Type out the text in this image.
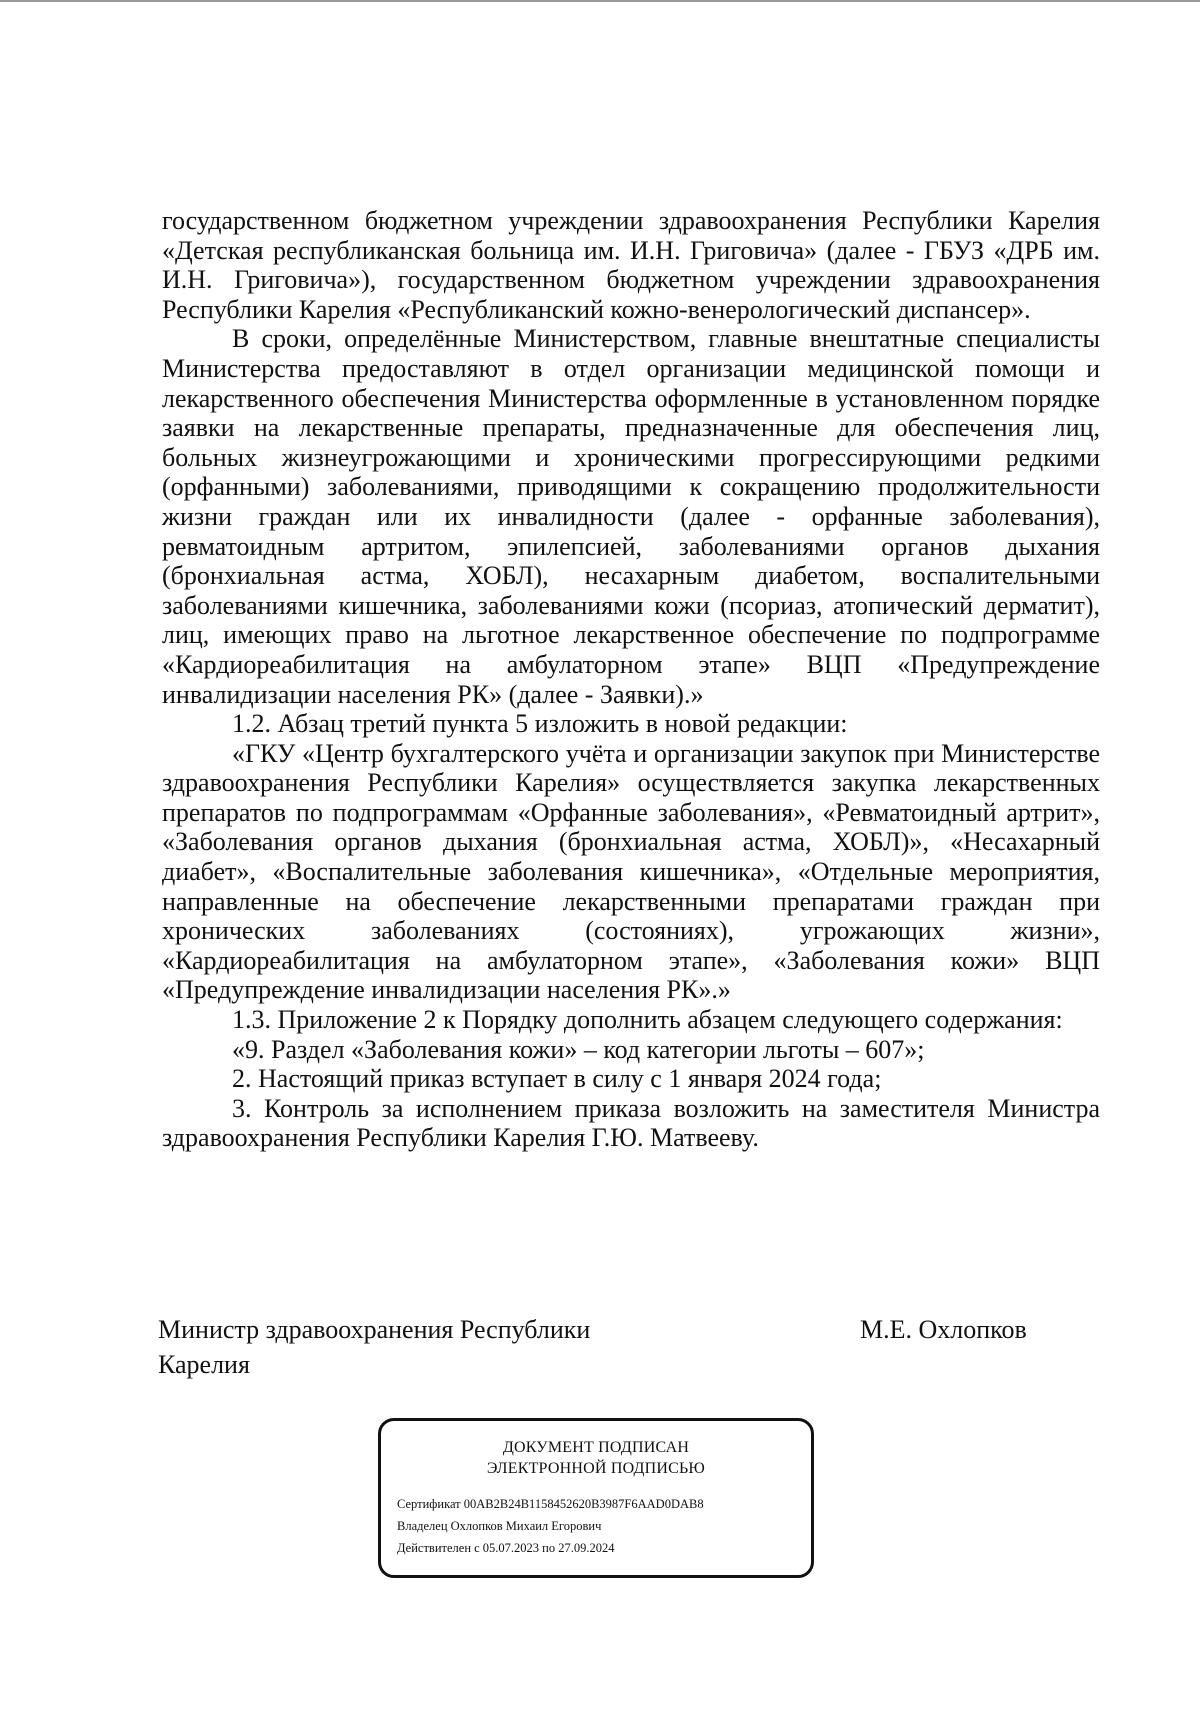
государственном бюджетном учреждении здравоохранения Республики Карелия «Детская республиканская больница им. И.Н. Григовича» (далее - ГБУЗ «ДРБ им. И.Н. Григовича»), государственном бюджетном учреждении здравоохранения Республики Карелия «Республиканский кожно-венерологический диспансер».

В сроки, определённые Министерством, главные внештатные специалисты Министерства предоставляют в отдел организации медицинской помощи и лекарственного обеспечения Министерства оформленные в установленном порядке заявки на лекарственные препараты, предназначенные для обеспечения лиц, больных жизнеугрожающими и хроническими прогрессирующими редкими (орфанными) заболеваниями, приводящими к сокращению продолжительности жизни граждан или их инвалидности (далее - орфанные заболевания), ревматоидным артритом, эпилепсией, заболеваниями органов дыхания (бронхиальная астма, ХОБЛ), несахарным диабетом, воспалительными заболеваниями кишечника, заболеваниями кожи (псориаз, атопический дерматит), лиц, имеющих право на льготное лекарственное обеспечение по подпрограмме «Кардиореабилитация на амбулаторном этапе» ВЦП «Предупреждение инвалидизации населения РК» (далее - Заявки).»

1.2. Абзац третий пункта 5 изложить в новой редакции:

«ГКУ «Центр бухгалтерского учёта и организации закупок при Министерстве здравоохранения Республики Карелия» осуществляется закупка лекарственных препаратов по подпрограммам «Орфанные заболевания», «Ревматоидный артрит», «Заболевания органов дыхания (бронхиальная астма, ХОБЛ)», «Несахарный диабет», «Воспалительные заболевания кишечника», «Отдельные мероприятия, направленные на обеспечение лекарственными препаратами граждан при хронических заболеваниях (состояниях), угрожающих жизни», «Кардиореабилитация на амбулаторном этапе», «Заболевания кожи» ВЦП «Предупреждение инвалидизации населения РК».»

1.3. Приложение 2 к Порядку дополнить абзацем следующего содержания:

«9. Раздел «Заболевания кожи» – код категории льготы – 607»;

2. Настоящий приказ вступает в силу с 1 января 2024 года;

3. Контроль за исполнением приказа возложить на заместителя Министра здравоохранения Республики Карелия Г.Ю. Матвееву.

Министр здравоохранения Республики Карелия
М.Е. Охлопков
ДОКУМЕНТ ПОДПИСАН
ЭЛЕКТРОННОЙ ПОДПИСЬЮ
Сертификат 00AB2B24B1158452620B3987F6AAD0DAB8
Владелец Охлопков Михаил Егорович
Действителен с 05.07.2023 по 27.09.2024
